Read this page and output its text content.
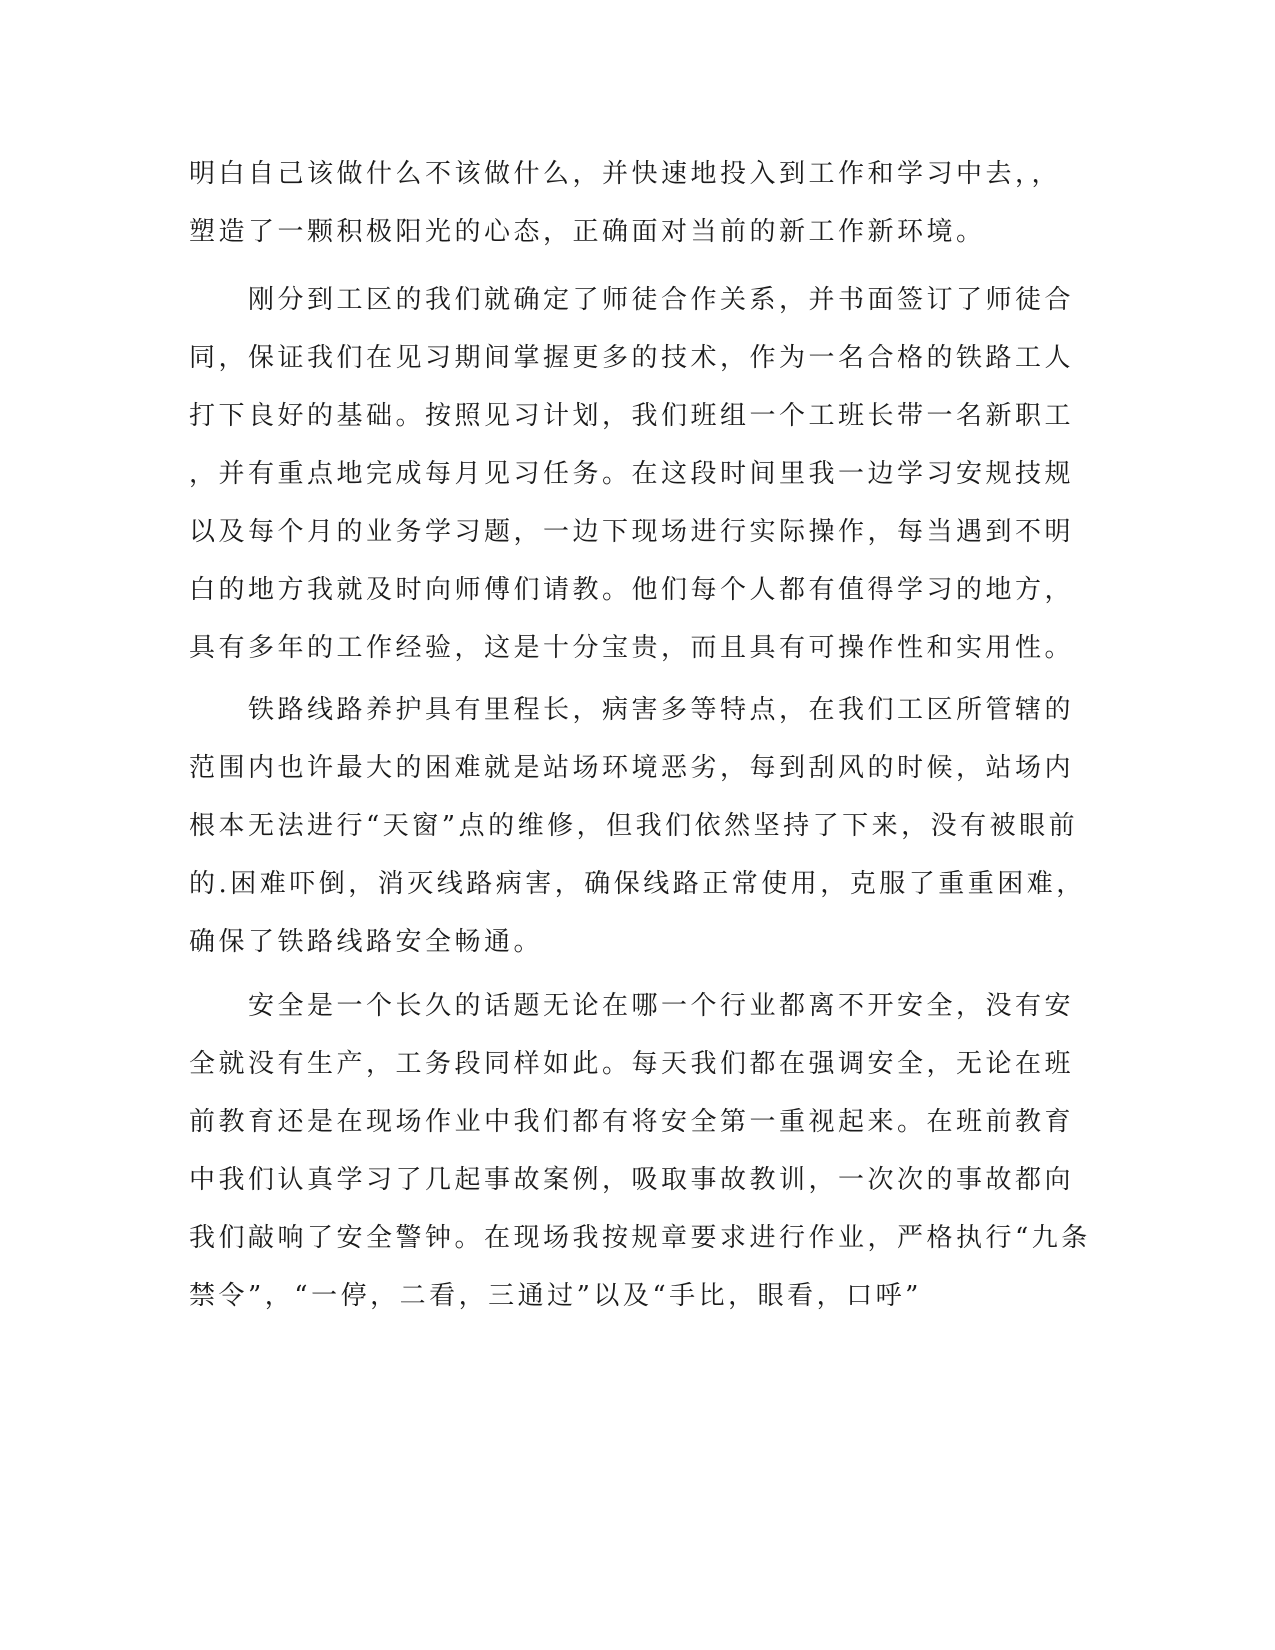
明白自己该做什么不该做什么，并快速地投入到工作和学习中去，，
塑造了一颗积极阳光的心态，正确面对当前的新工作新环境。
　　刚分到工区的我们就确定了师徒合作关系，并书面签订了师徒合
同，保证我们在见习期间掌握更多的技术，作为一名合格的铁路工人
打下良好的基础。按照见习计划，我们班组一个工班长带一名新职工
，并有重点地完成每月见习任务。在这段时间里我一边学习安规技规
以及每个月的业务学习题，一边下现场进行实际操作，每当遇到不明
白的地方我就及时向师傅们请教。他们每个人都有值得学习的地方，
具有多年的工作经验，这是十分宝贵，而且具有可操作性和实用性。
　　铁路线路养护具有里程长，病害多等特点，在我们工区所管辖的
范围内也许最大的困难就是站场环境恶劣，每到刮风的时候，站场内
根本无法进行“天窗”点的维修，但我们依然坚持了下来，没有被眼前
的.困难吓倒，消灭线路病害，确保线路正常使用，克服了重重困难，
确保了铁路线路安全畅通。
　　安全是一个长久的话题无论在哪一个行业都离不开安全，没有安
全就没有生产，工务段同样如此。每天我们都在强调安全，无论在班
前教育还是在现场作业中我们都有将安全第一重视起来。在班前教育
中我们认真学习了几起事故案例，吸取事故教训，一次次的事故都向
我们敲响了安全警钟。在现场我按规章要求进行作业，严格执行“九条
禁令”，“一停，二看，三通过”以及“手比，眼看，口呼”
